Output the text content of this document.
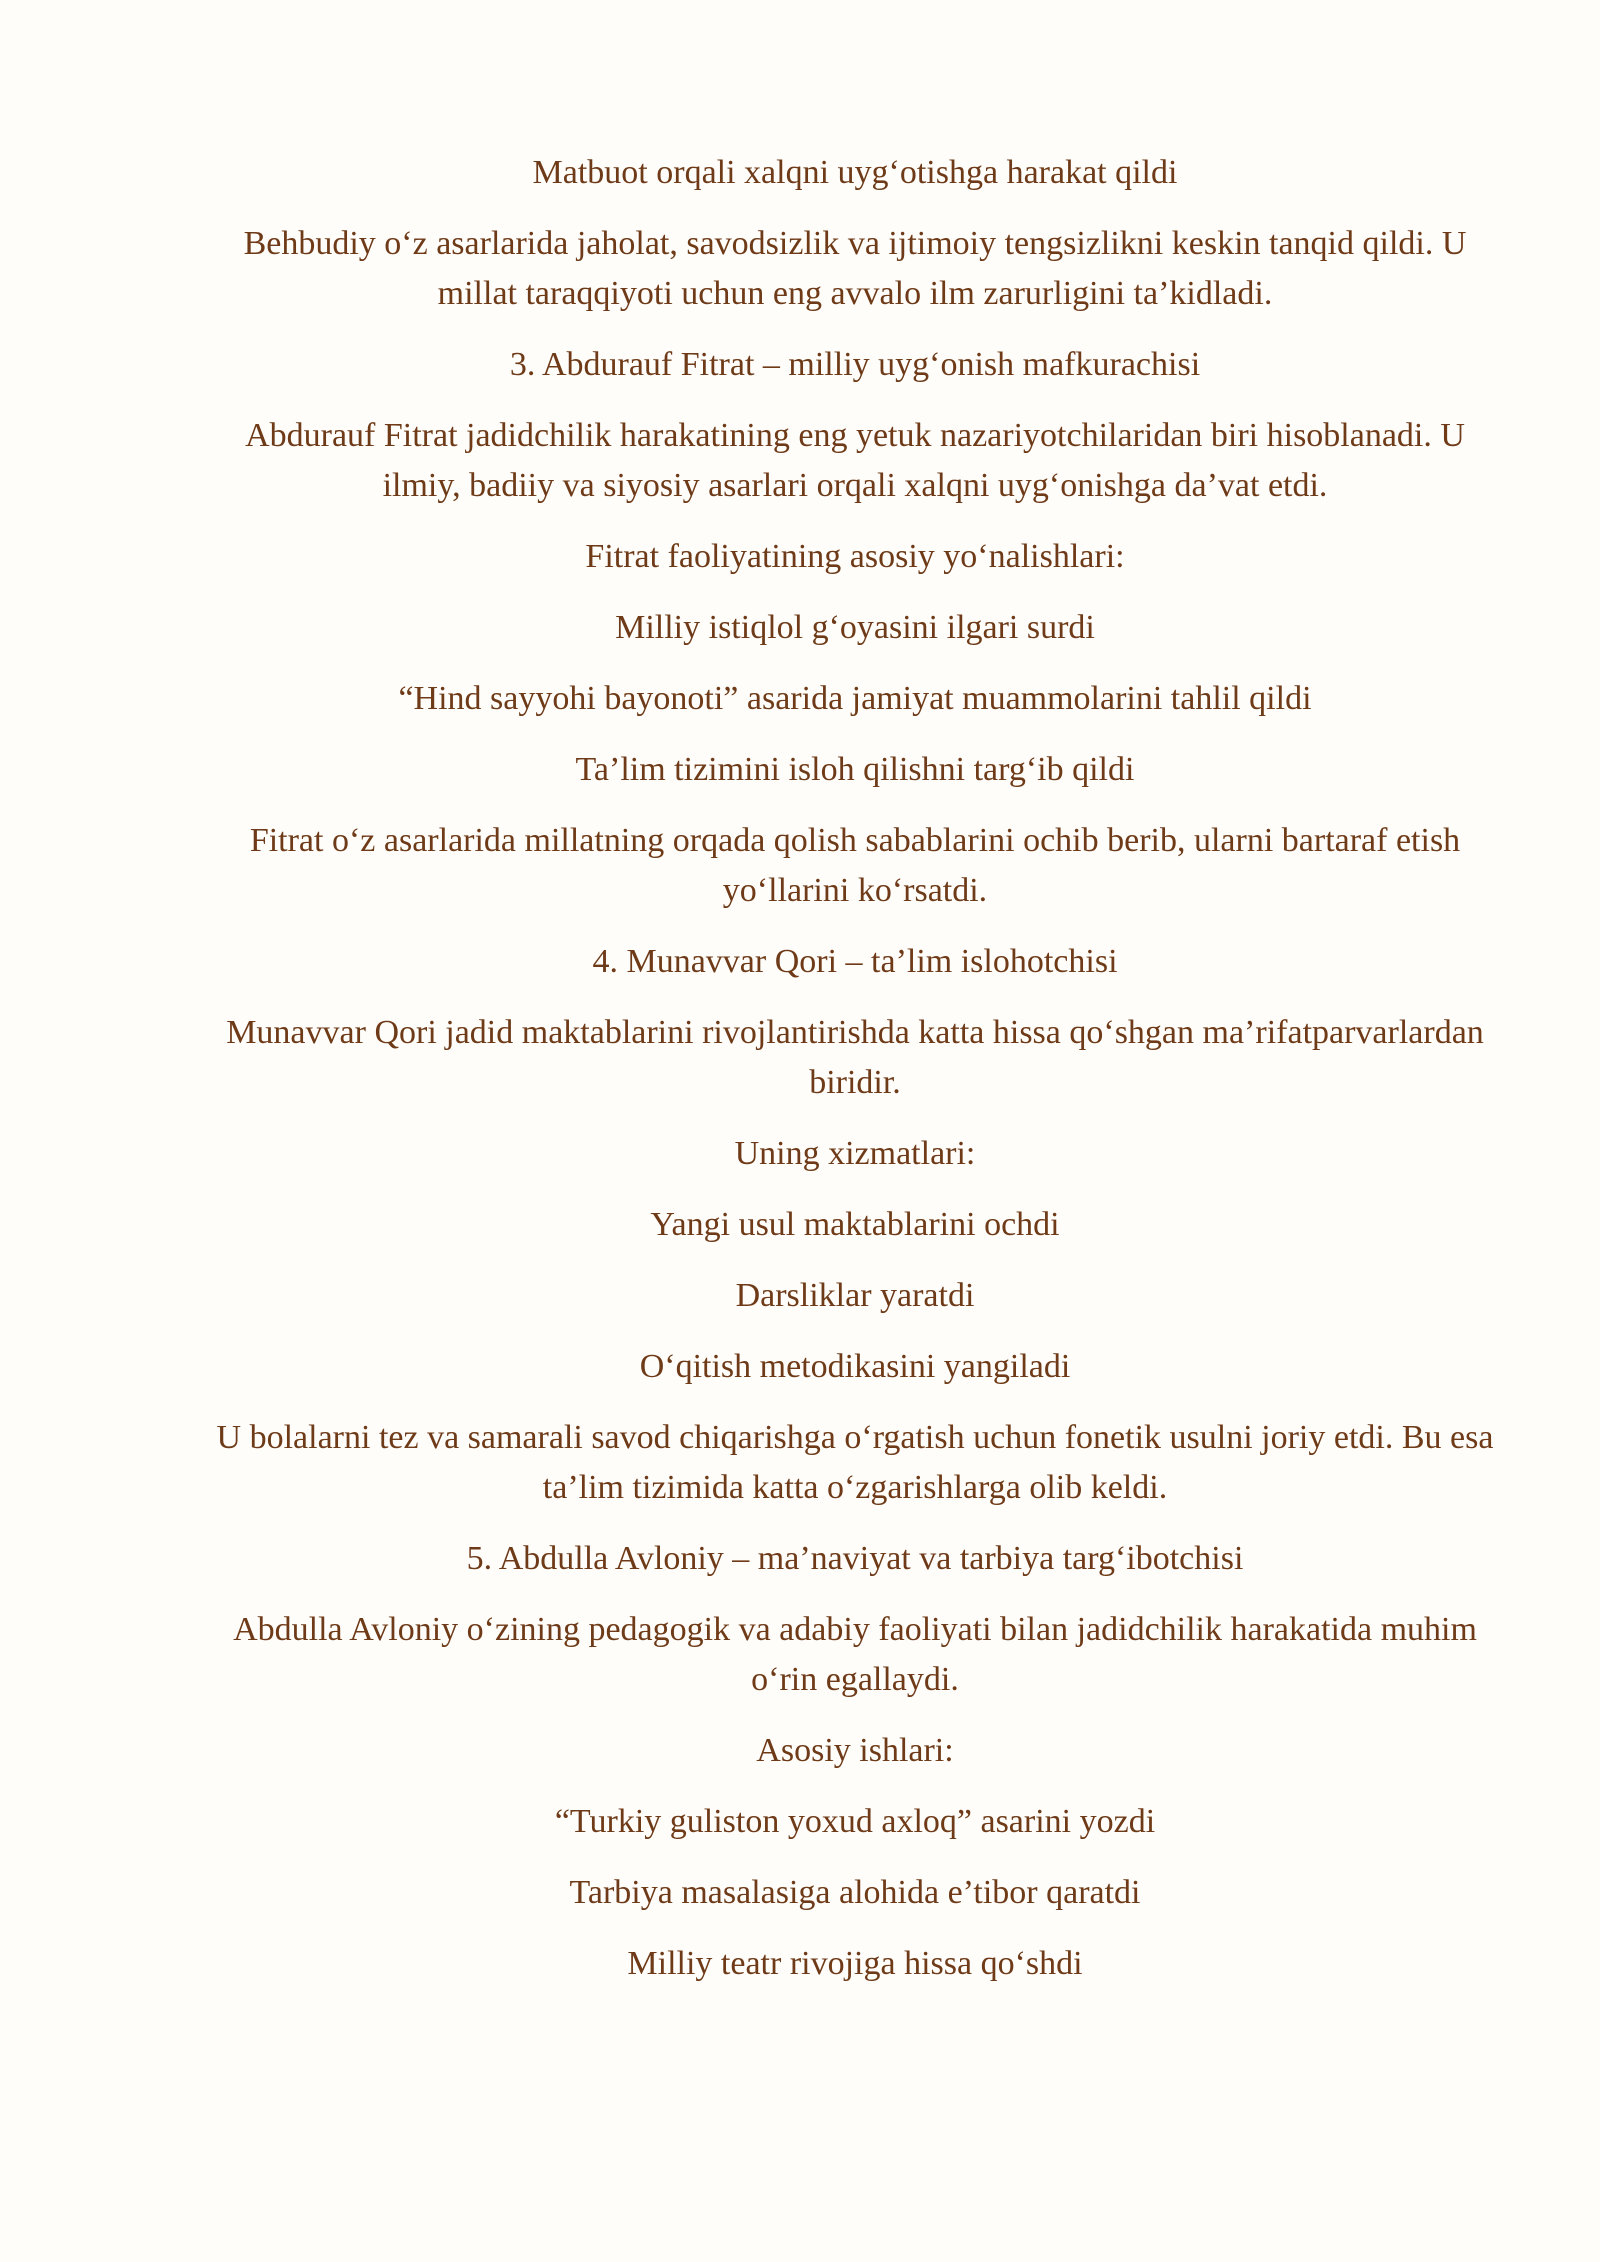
Matbuot orqali xalqni uyg‘otishga harakat qildi

Behbudiy o‘z asarlarida jaholat, savodsizlik va ijtimoiy tengsizlikni keskin tanqid qildi. U millat taraqqiyoti uchun eng avvalo ilm zarurligini ta’kidladi.

3. Abdurauf Fitrat – milliy uyg‘onish mafkurachisi

Abdurauf Fitrat jadidchilik harakatining eng yetuk nazariyotchilaridan biri hisoblanadi. U ilmiy, badiiy va siyosiy asarlari orqali xalqni uyg‘onishga da’vat etdi.

Fitrat faoliyatining asosiy yo‘nalishlari:

Milliy istiqlol g‘oyasini ilgari surdi

“Hind sayyohi bayonoti” asarida jamiyat muammolarini tahlil qildi

Ta’lim tizimini isloh qilishni targ‘ib qildi

Fitrat o‘z asarlarida millatning orqada qolish sabablarini ochib berib, ularni bartaraf etish yo‘llarini ko‘rsatdi.

4. Munavvar Qori – ta’lim islohotchisi

Munavvar Qori jadid maktablarini rivojlantirishda katta hissa qo‘shgan ma’rifatparvarlardan biridir.

Uning xizmatlari:

Yangi usul maktablarini ochdi

Darsliklar yaratdi

O‘qitish metodikasini yangiladi

U bolalarni tez va samarali savod chiqarishga o‘rgatish uchun fonetik usulni joriy etdi. Bu esa ta’lim tizimida katta o‘zgarishlarga olib keldi.

5. Abdulla Avloniy – ma’naviyat va tarbiya targ‘ibotchisi

Abdulla Avloniy o‘zining pedagogik va adabiy faoliyati bilan jadidchilik harakatida muhim o‘rin egallaydi.

Asosiy ishlari:

“Turkiy guliston yoxud axloq” asarini yozdi

Tarbiya masalasiga alohida e’tibor qaratdi

Milliy teatr rivojiga hissa qo‘shdi
